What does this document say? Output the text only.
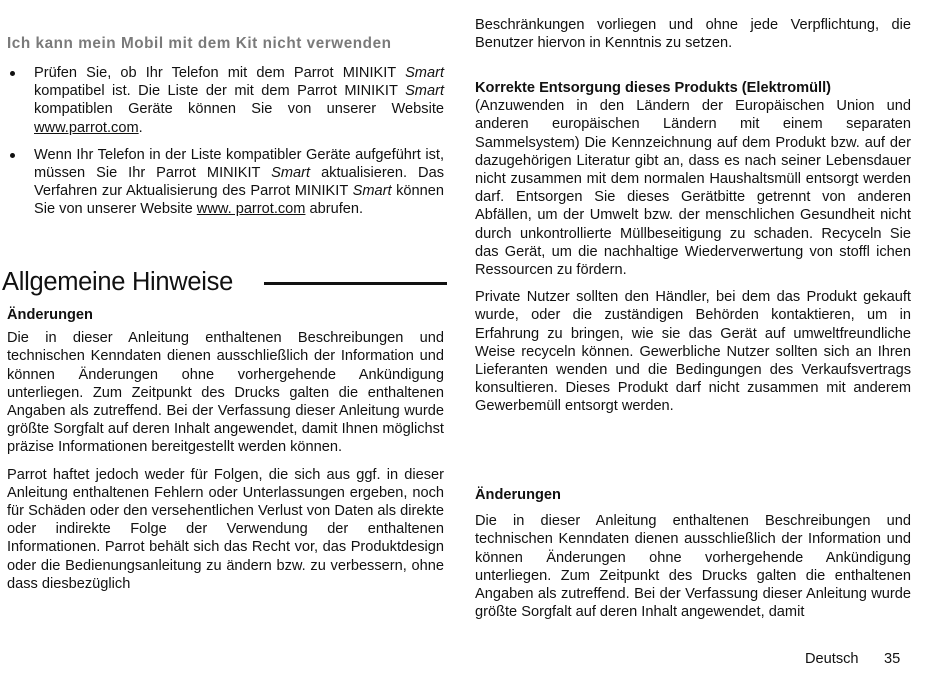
Ich kann mein Mobil mit dem Kit nicht verwenden
Prüfen Sie, ob Ihr Telefon mit dem Parrot MINIKIT Smart kompatibel ist. Die Liste der mit dem Parrot MINIKIT Smart kompatiblen Geräte können Sie von unserer Website www.parrot.com.
Wenn Ihr Telefon in der Liste kompatibler Geräte aufgeführt ist, müssen Sie Ihr Parrot MINIKIT Smart aktualisieren. Das Verfahren zur Aktualisierung des Parrot MINIKIT Smart können Sie von unserer Website www. parrot.com abrufen.
Allgemeine Hinweise
Änderungen

Die in dieser Anleitung enthaltenen Beschreibungen und technischen Kenndaten dienen ausschließlich der Information und können Änderungen ohne vorhergehende Ankündigung unterliegen. Zum Zeitpunkt des Drucks galten die enthaltenen Angaben als zutreffend. Bei der Verfassung dieser Anleitung wurde größte Sorgfalt auf deren Inhalt angewendet, damit Ihnen möglichst präzise Informationen bereitgestellt werden können.

Parrot haftet jedoch weder für Folgen, die sich aus ggf. in dieser Anleitung enthaltenen Fehlern oder Unterlassungen ergeben, noch für Schäden oder den versehentlichen Verlust von Daten als direkte oder indirekte Folge der Verwendung der enthaltenen Informationen. Parrot behält sich das Recht vor, das Produktdesign oder die Bedienungsanleitung zu ändern bzw. zu verbessern, ohne dass diesbezüglich

Beschränkungen vorliegen und ohne jede Verpflichtung, die Benutzer hiervon in Kenntnis zu setzen.

Korrekte Entsorgung dieses Produkts (Elektromüll)

(Anzuwenden in den Ländern der Europäischen Union und anderen europäischen Ländern mit einem separaten Sammelsystem) Die Kennzeichnung auf dem Produkt bzw. auf der dazugehörigen Literatur gibt an, dass es nach seiner Lebensdauer nicht zusammen mit dem normalen Haushaltsmüll entsorgt werden darf. Entsorgen Sie dieses Gerätbitte getrennt von anderen Abfällen, um der Umwelt bzw. der menschlichen Gesundheit nicht durch unkontrollierte Müllbeseitigung zu schaden. Recyceln Sie das Gerät, um die nachhaltige Wiederverwertung von stoffl ichen Ressourcen zu fördern.

Private Nutzer sollten den Händler, bei dem das Produkt gekauft wurde, oder die zuständigen Behörden kontaktieren, um in Erfahrung zu bringen, wie sie das Gerät auf umweltfreundliche Weise recyceln können. Gewerbliche Nutzer sollten sich an Ihren Lieferanten wenden und die Bedingungen des Verkaufsvertrags konsultieren. Dieses Produkt darf nicht zusammen mit anderem Gewerbemüll entsorgt werden.

Änderungen

Die in dieser Anleitung enthaltenen Beschreibungen und technischen Kenndaten dienen ausschließlich der Information und können Änderungen ohne vorhergehende Ankündigung unterliegen. Zum Zeitpunkt des Drucks galten die enthaltenen Angaben als zutreffend. Bei der Verfassung dieser Anleitung wurde größte Sorgfalt auf deren Inhalt angewendet, damit

Deutsch 35
